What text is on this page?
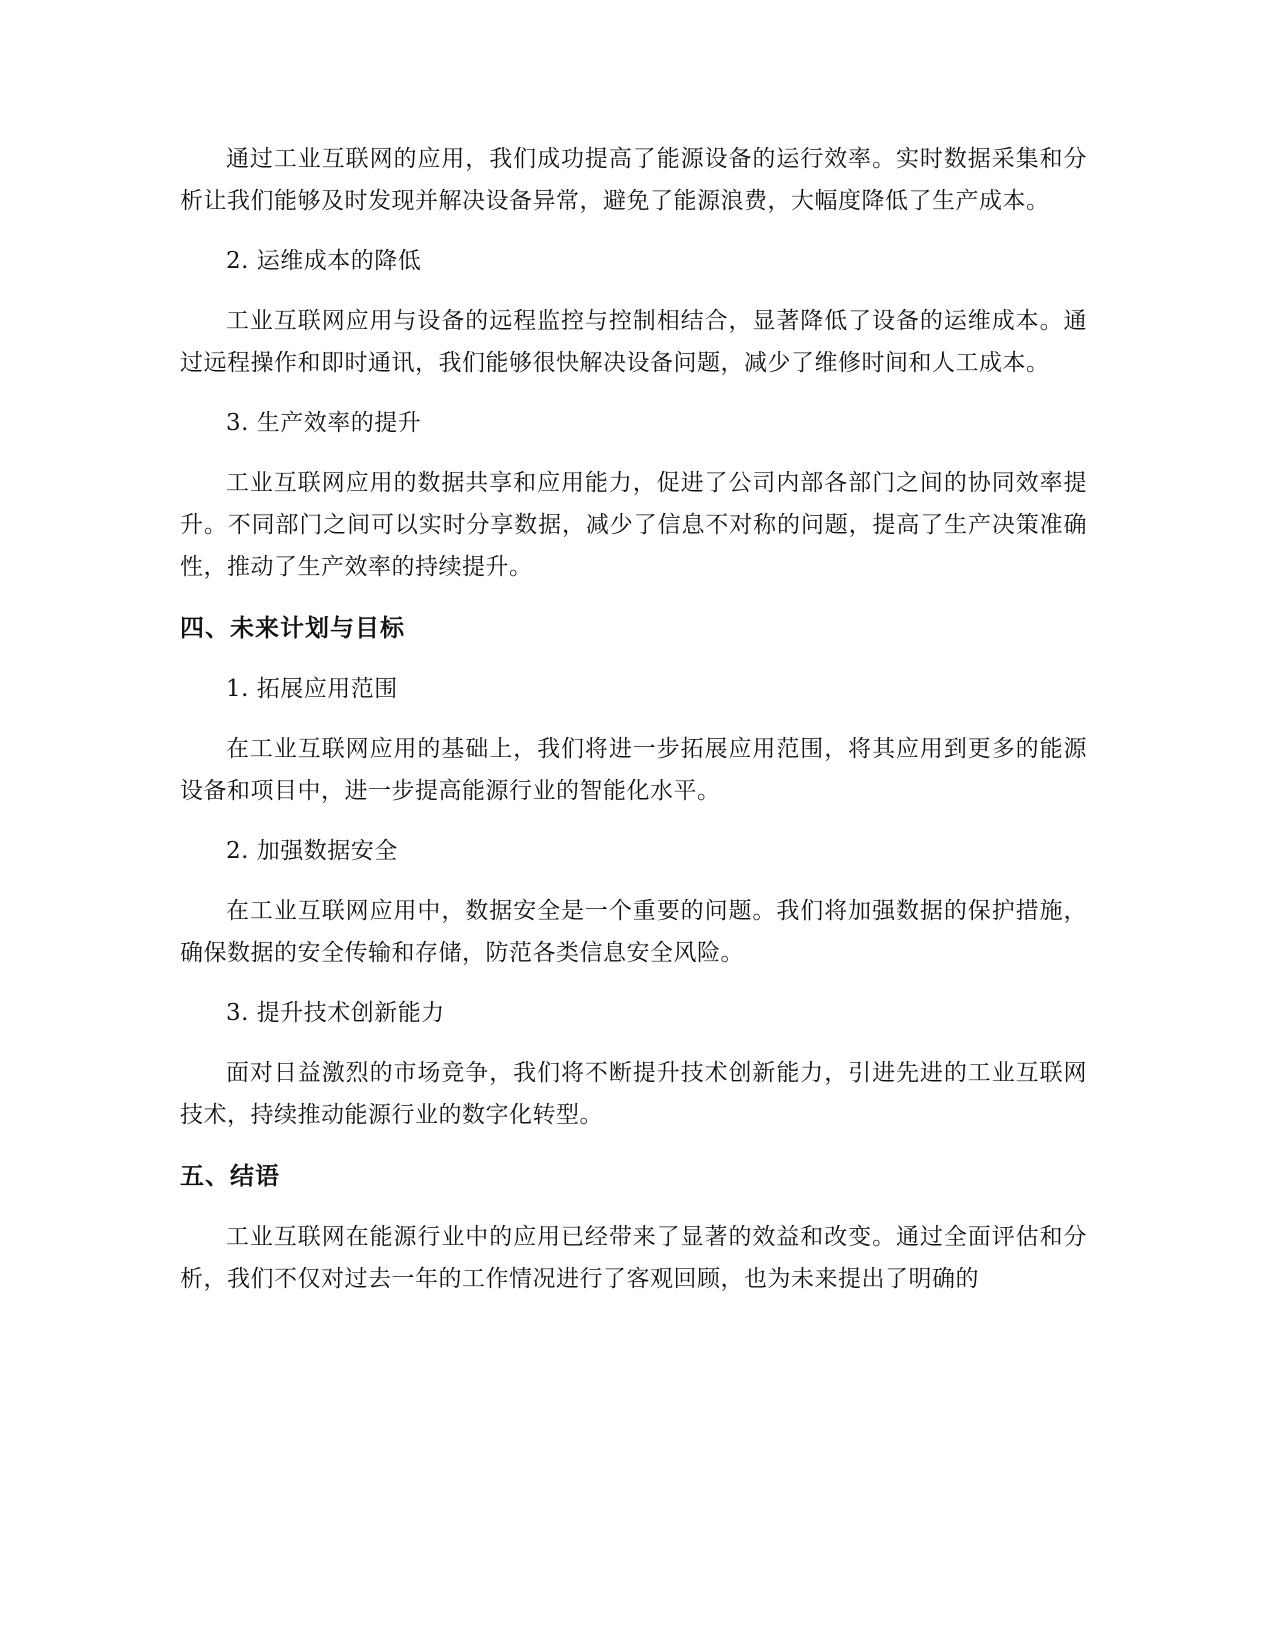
通过工业互联网的应用，我们成功提高了能源设备的运行效率。实时数据采集和分析让我们能够及时发现并解决设备异常，避免了能源浪费，大幅度降低了生产成本。

2. 运维成本的降低

工业互联网应用与设备的远程监控与控制相结合，显著降低了设备的运维成本。通过远程操作和即时通讯，我们能够很快解决设备问题，减少了维修时间和人工成本。

3. 生产效率的提升

工业互联网应用的数据共享和应用能力，促进了公司内部各部门之间的协同效率提升。不同部门之间可以实时分享数据，减少了信息不对称的问题，提高了生产决策准确性，推动了生产效率的持续提升。

四、未来计划与目标

1. 拓展应用范围

在工业互联网应用的基础上，我们将进一步拓展应用范围，将其应用到更多的能源设备和项目中，进一步提高能源行业的智能化水平。

2. 加强数据安全

在工业互联网应用中，数据安全是一个重要的问题。我们将加强数据的保护措施，确保数据的安全传输和存储，防范各类信息安全风险。

3. 提升技术创新能力

面对日益激烈的市场竞争，我们将不断提升技术创新能力，引进先进的工业互联网技术，持续推动能源行业的数字化转型。

五、结语

工业互联网在能源行业中的应用已经带来了显著的效益和改变。通过全面评估和分析，我们不仅对过去一年的工作情况进行了客观回顾，也为未来提出了明确的
